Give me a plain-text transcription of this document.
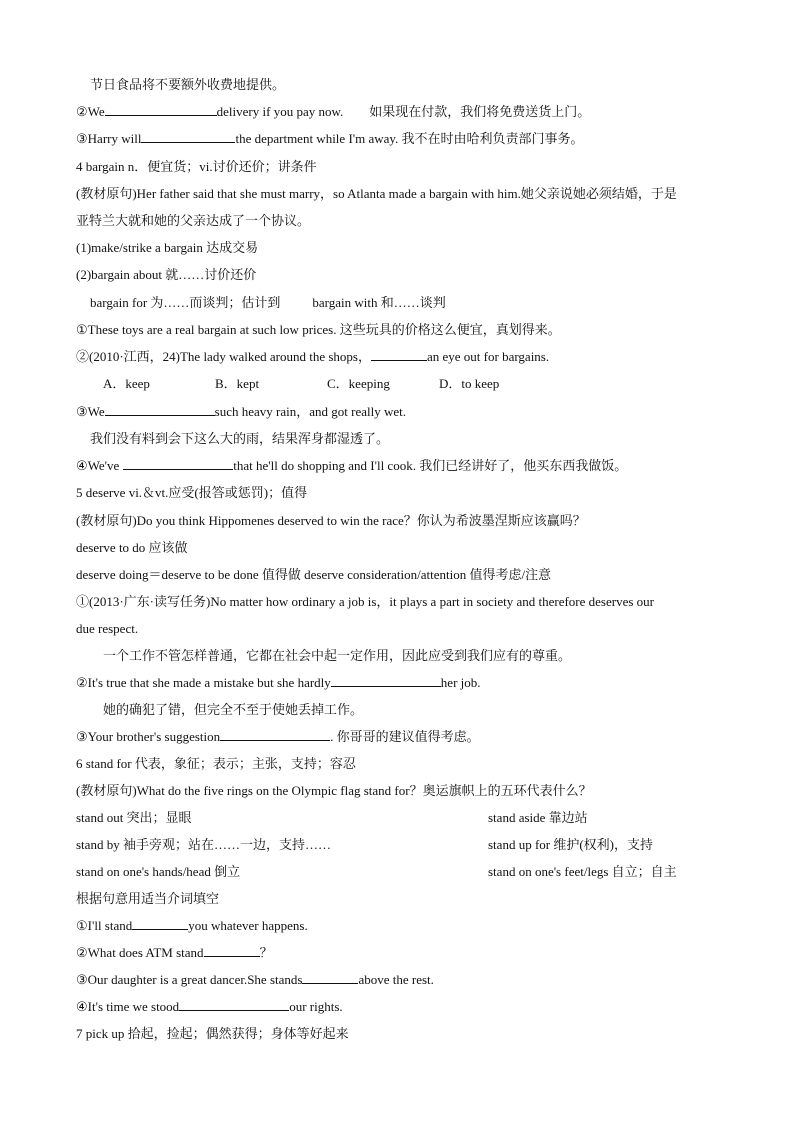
节日食品将不要额外收费地提供。
②We	delivery if you pay now.　　如果现在付款，我们将免费送货上门。
③Harry will	the department while I'm away. 我不在时由哈利负责部门事务。
4 bargain n．便宜货；vi.讨价还价；讲条件
(教材原句)Her father said that she must marry，so Atlanta made a bargain with him.她父亲说她必须结婚，于是
亚特兰大就和她的父亲达成了一个协议。
(1)make/strike a bargain 达成交易
(2)bargain about 就……讨价还价
bargain for 为……而谈判；估计到 bargain with 和……谈判
①These toys are a real bargain at such low prices. 这些玩具的价格这么便宜，真划得来。
②(2010·江西，24)The lady walked around the shops，	an eye out for bargains.
A．keep	B．kept	C．keeping	D．to keep
③We	such heavy rain，and got really wet.
我们没有料到会下这么大的雨，结果浑身都湿透了。
④We've	that he'll do shopping and I'll cook. 我们已经讲好了，他买东西我做饭。
5 deserve vi.＆vt.应受(报答或惩罚)；值得
(教材原句)Do you think Hippomenes deserved to win the race？你认为希波墨涅斯应该赢吗？
deserve to do 应该做
deserve doing＝deserve to be done 值得做 deserve consideration/attention 值得考虑/注意
①(2013·广东·读写任务)No matter how ordinary a job is，it plays a part in society and therefore deserves our
due respect.
一个工作不管怎样普通，它都在社会中起一定作用，因此应受到我们应有的尊重。
②It's true that she made a mistake but she hardly	her job.
她的确犯了错，但完全不至于使她丢掉工作。
③Your brother's suggestion	. 你哥哥的建议值得考虑。
6 stand for 代表，象征；表示；主张，支持；容忍
(教材原句)What do the five rings on the Olympic flag stand for？奥运旗帜上的五环代表什么？
stand out 突出；显眼	stand aside 靠边站
stand by 袖手旁观；站在……一边，支持……	stand up for 维护(权利)，支持
stand on one's hands/head 倒立	stand on one's feet/legs 自立；自主
根据句意用适当介词填空
①I'll stand	you whatever happens.
②What does ATM stand	？
③Our daughter is a great dancer.She stands	above the rest.
④It's time we stood	our rights.
7 pick up 拾起，捡起；偶然获得；身体等好起来
